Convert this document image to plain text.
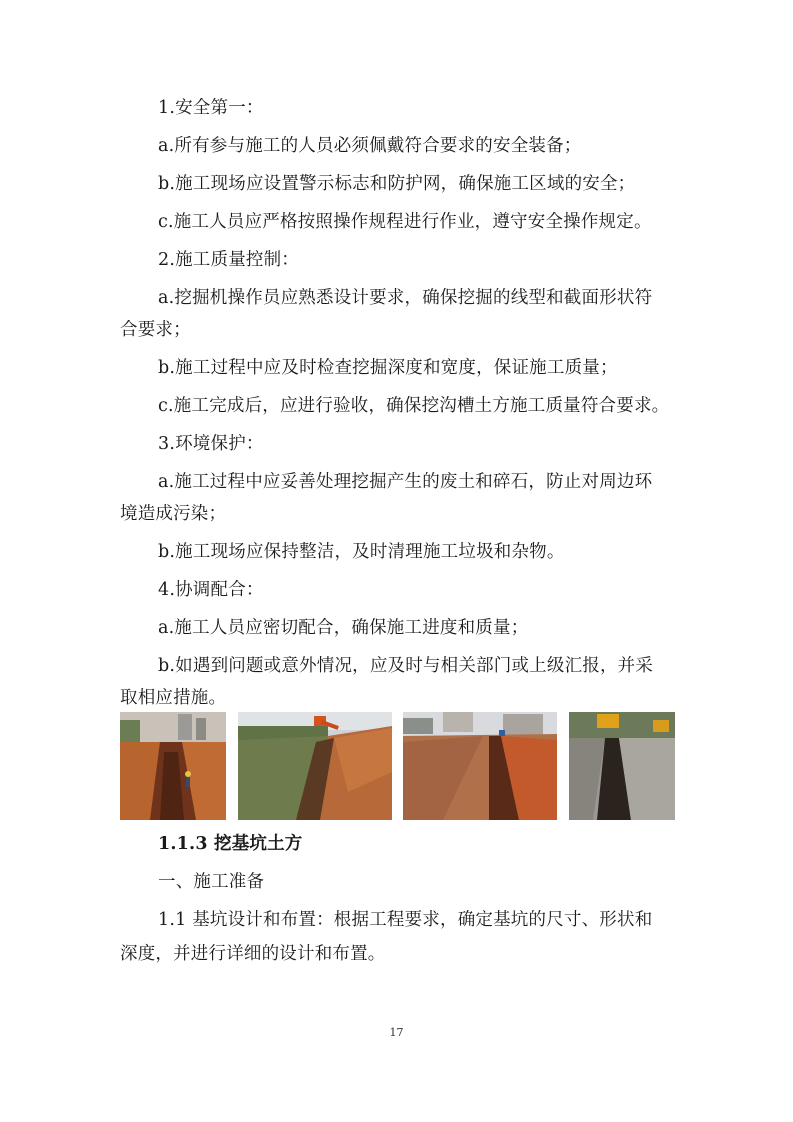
1.安全第一：
a.所有参与施工的人员必须佩戴符合要求的安全装备；
b.施工现场应设置警示标志和防护网，确保施工区域的安全；
c.施工人员应严格按照操作规程进行作业，遵守安全操作规定。
2.施工质量控制：
a.挖掘机操作员应熟悉设计要求，确保挖掘的线型和截面形状符
合要求；
b.施工过程中应及时检查挖掘深度和宽度，保证施工质量；
c.施工完成后，应进行验收，确保挖沟槽土方施工质量符合要求。
3.环境保护：
a.施工过程中应妥善处理挖掘产生的废土和碎石，防止对周边环
境造成污染；
b.施工现场应保持整洁，及时清理施工垃圾和杂物。
4.协调配合：
a.施工人员应密切配合，确保施工进度和质量；
b.如遇到问题或意外情况，应及时与相关部门或上级汇报，并采
取相应措施。
1.1.3 挖基坑土方
一、施工准备
1.1 基坑设计和布置：根据工程要求，确定基坑的尺寸、形状和
深度，并进行详细的设计和布置。
17
